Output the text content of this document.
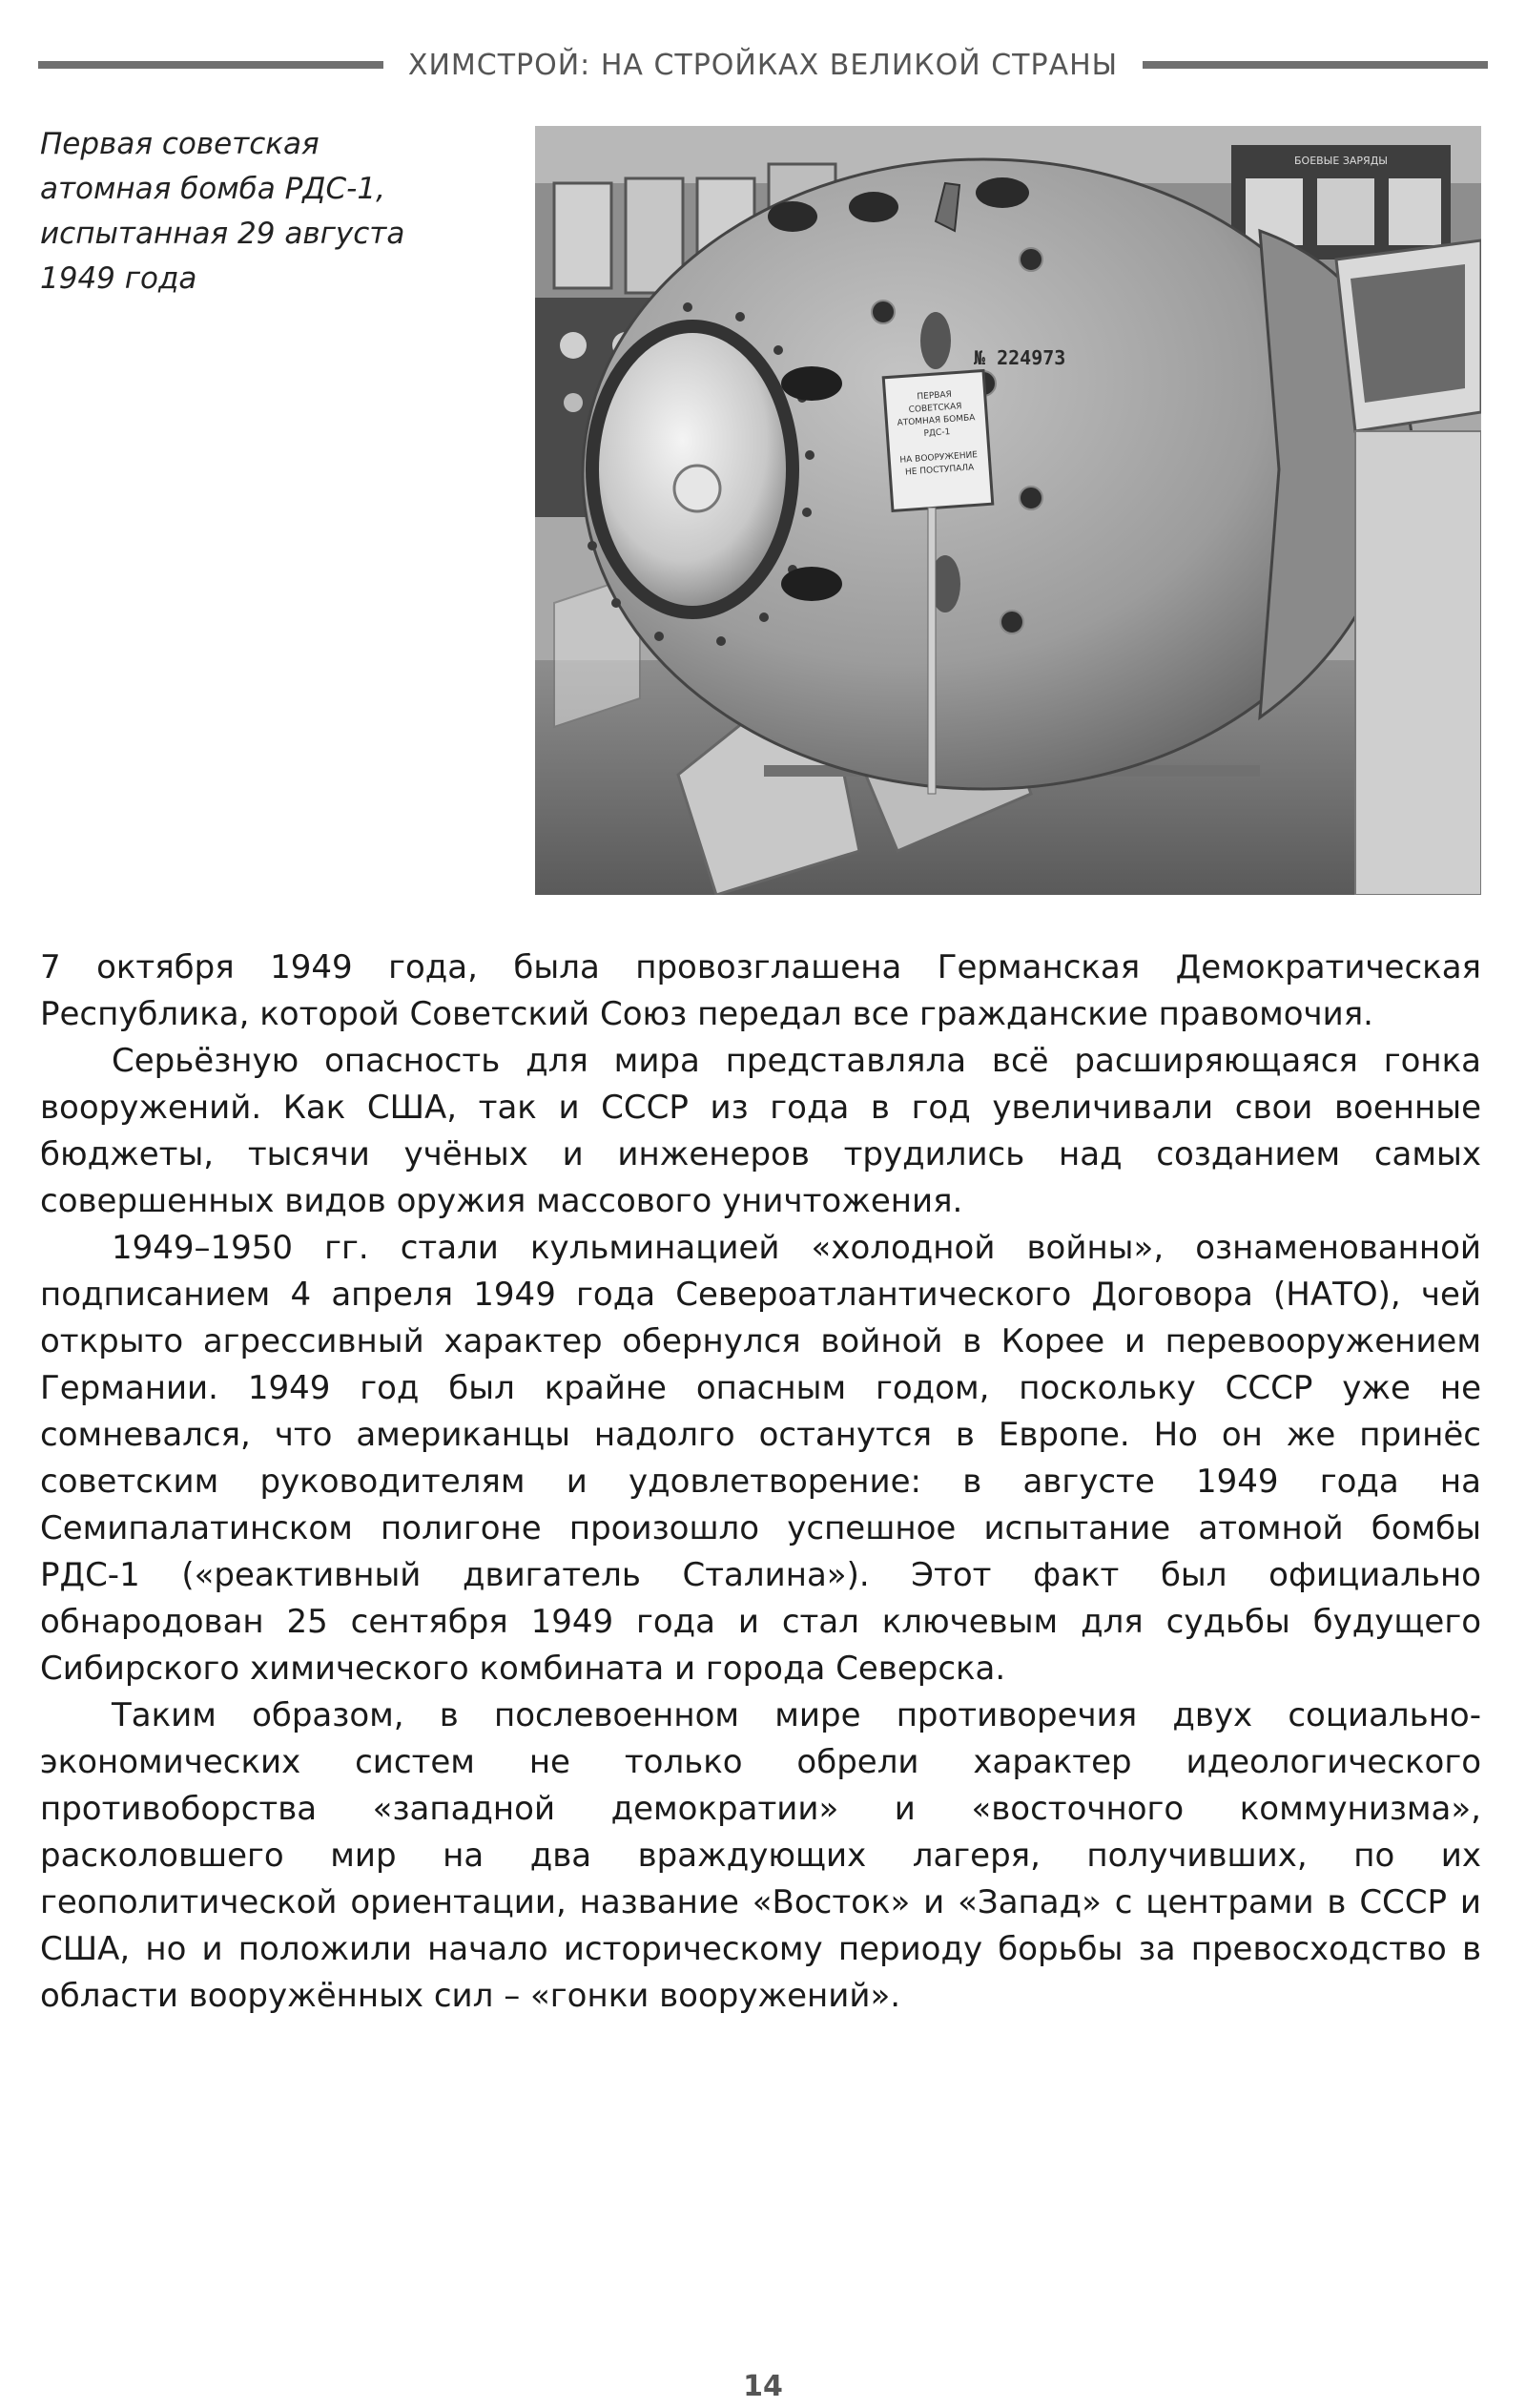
ХИМСТРОЙ: НА СТРОЙКАХ ВЕЛИКОЙ СТРАНЫ
Первая советская
атомная бомба РДС-1,
испытанная 29 августа
1949 года
БОЕВЫЕ ЗАРЯДЫ
№ 224973
ПЕРВАЯ
СОВЕТСКАЯ
АТОМНАЯ БОМБА
РДС-1
НА ВООРУЖЕНИЕ
НЕ ПОСТУПАЛА

7 октября 1949 года, была провозглашена Германская Демократическая Республика, которой Советский Союз передал все гражданские правомочия.

Серьёзную опасность для мира представляла всё расширяющаяся гонка вооружений. Как США, так и СССР из года в год увеличивали свои военные бюджеты, тысячи учёных и инженеров трудились над созданием самых совершенных видов оружия массового уничтожения.

1949–1950 гг. стали кульминацией «холодной войны», ознаменованной подписанием 4 апреля 1949 года Североатлантического Договора (НАТО), чей открыто агрессивный характер обернулся войной в Корее и перевооружением Германии. 1949 год был крайне опасным годом, поскольку СССР уже не сомневался, что американцы надолго останутся в Европе. Но он же принёс советским руководителям и удовлетворение: в августе 1949 года на Семипалатинском полигоне произошло успешное испытание атомной бомбы РДС-1 («реактивный двигатель Сталина»). Этот факт был официально обнародован 25 сентября 1949 года и стал ключевым для судьбы будущего Сибирского химического комбината и города Северска.

Таким образом, в послевоенном мире противоречия двух социально-экономических систем не только обрели характер идеологического противоборства «западной демократии» и «восточного коммунизма», расколовшего мир на два враждующих лагеря, получивших, по их геополитической ориентации, название «Восток» и «Запад» с центрами в СССР и США, но и положили начало историческому периоду борьбы за превосходство в области вооружённых сил – «гонки вооружений».

14
